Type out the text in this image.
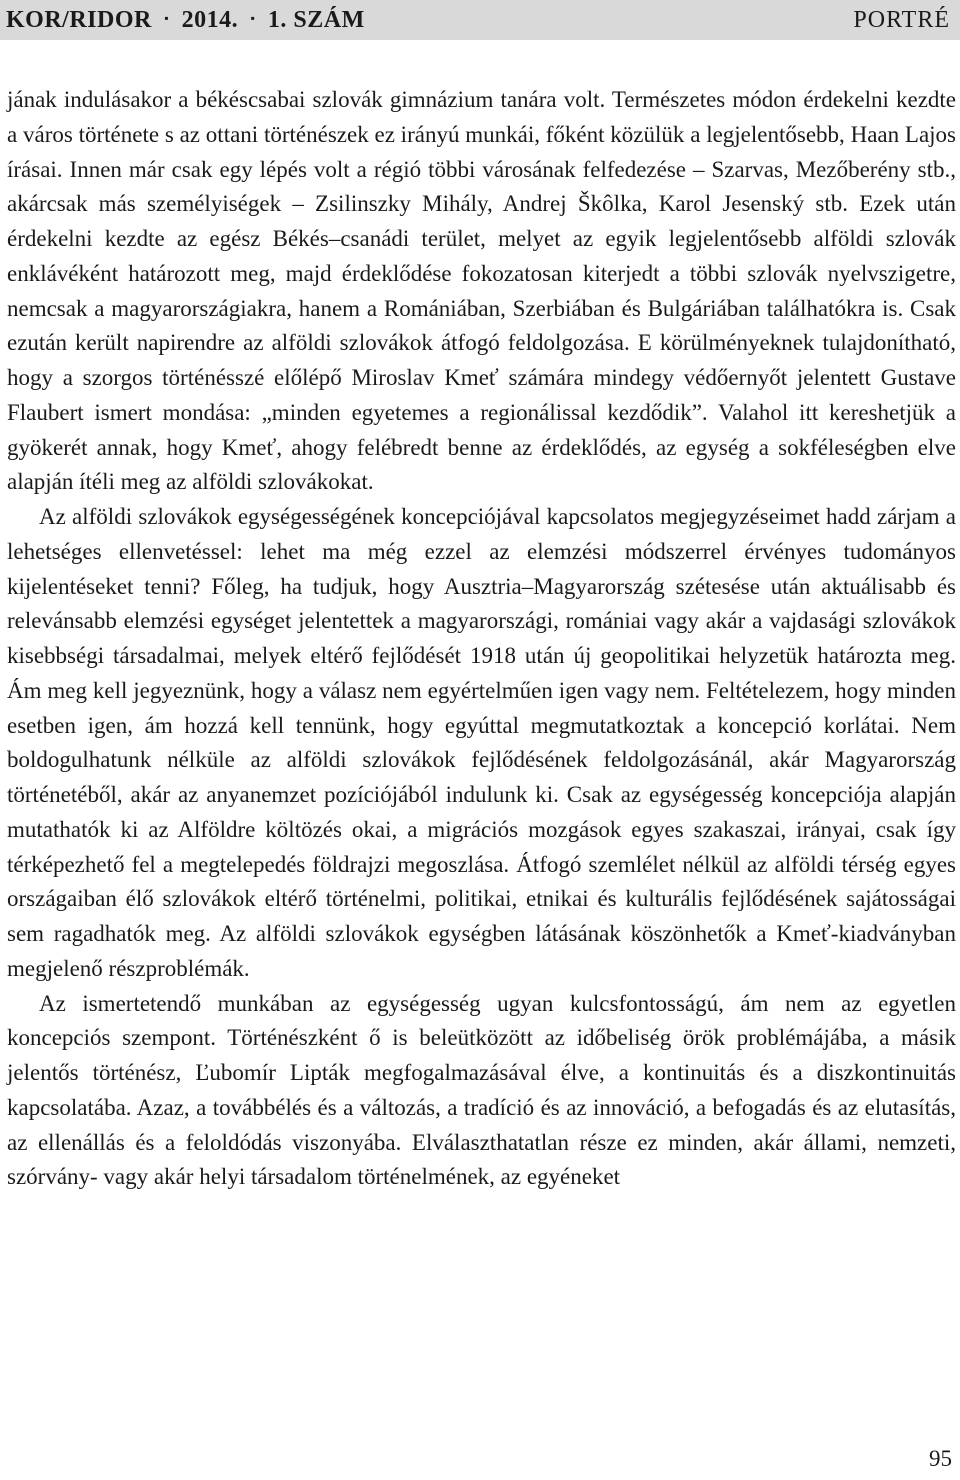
KOR/RIDOR ▪ 2014. ▪ 1. SZÁM	PORTRÉ

jának indulásakor a békéscsabai szlovák gimnázium tanára volt. Természetes módon érdekelni kezdte a város története s az ottani történészek ez irányú munkái, főként közülük a legjelentősebb, Haan Lajos írásai. Innen már csak egy lépés volt a régió többi városának felfedezése – Szarvas, Mezőberény stb., akárcsak más személyiségek – Zsilinszky Mihály, Andrej Škôlka, Karol Jesenský stb. Ezek után érdekelni kezdte az egész Békés–csanádi terület, melyet az egyik legjelentősebb alföldi szlovák enklávéként határozott meg, majd érdeklődése fokozatosan kiterjedt a többi szlovák nyelvszigetre, nemcsak a magyarországiakra, hanem a Romániában, Szerbiában és Bulgáriában találhatókra is. Csak ezután került napirendre az alföldi szlovákok átfogó feldolgozása. E körülményeknek tulajdonítható, hogy a szorgos történésszé előlépő Miroslav Kmeť számára mindegy védőernyőt jelentett Gustave Flaubert ismert mondása: „minden egyetemes a regionálissal kezdődik”. Valahol itt kereshetjük a gyökerét annak, hogy Kmeť, ahogy felébredt benne az érdeklődés, az egység a sokféleségben elve alapján ítéli meg az alföldi szlovákokat.

Az alföldi szlovákok egységességének koncepciójával kapcsolatos megjegyzéseimet hadd zárjam a lehetséges ellenvetéssel: lehet ma még ezzel az elemzési módszerrel érvényes tudományos kijelentéseket tenni? Főleg, ha tudjuk, hogy Ausztria–Magyarország szétesése után aktuálisabb és relevánsabb elemzési egységet jelentettek a magyarországi, romániai vagy akár a vajdasági szlovákok kisebbségi társadalmai, melyek eltérő fejlődését 1918 után új geopolitikai helyzetük határozta meg. Ám meg kell jegyeznünk, hogy a válasz nem egyértelműen igen vagy nem. Feltételezem, hogy minden esetben igen, ám hozzá kell tennünk, hogy egyúttal megmutatkoztak a koncepció korlátai. Nem boldogulhatunk nélküle az alföldi szlovákok fejlődésének feldolgozásánál, akár Magyarország történetéből, akár az anyanemzet pozíciójából indulunk ki. Csak az egységesség koncepciója alapján mutathatók ki az Alföldre költözés okai, a migrációs mozgások egyes szakaszai, irányai, csak így térképezhető fel a megtelepedés földrajzi megoszlása. Átfogó szemlélet nélkül az alföldi térség egyes országaiban élő szlovákok eltérő történelmi, politikai, etnikai és kulturális fejlődésének sajátosságai sem ragadhatók meg. Az alföldi szlovákok egységben látásának köszönhetők a Kmeť-kiadványban megjelenő részproblémák.

Az ismertetendő munkában az egységesség ugyan kulcsfontosságú, ám nem az egyetlen koncepciós szempont. Történészként ő is beleütközött az időbeliség örök problémájába, a másik jelentős történész, Ľubomír Lipták megfogalmazásával élve, a kontinuitás és a diszkontinuitás kapcsolatába. Azaz, a továbbélés és a változás, a tradíció és az innováció, a befogadás és az elutasítás, az ellenállás és a feloldódás viszonyába. Elválaszthatatlan része ez minden, akár állami, nemzeti, szórvány- vagy akár helyi társadalom történelmének, az egyéneket

95
